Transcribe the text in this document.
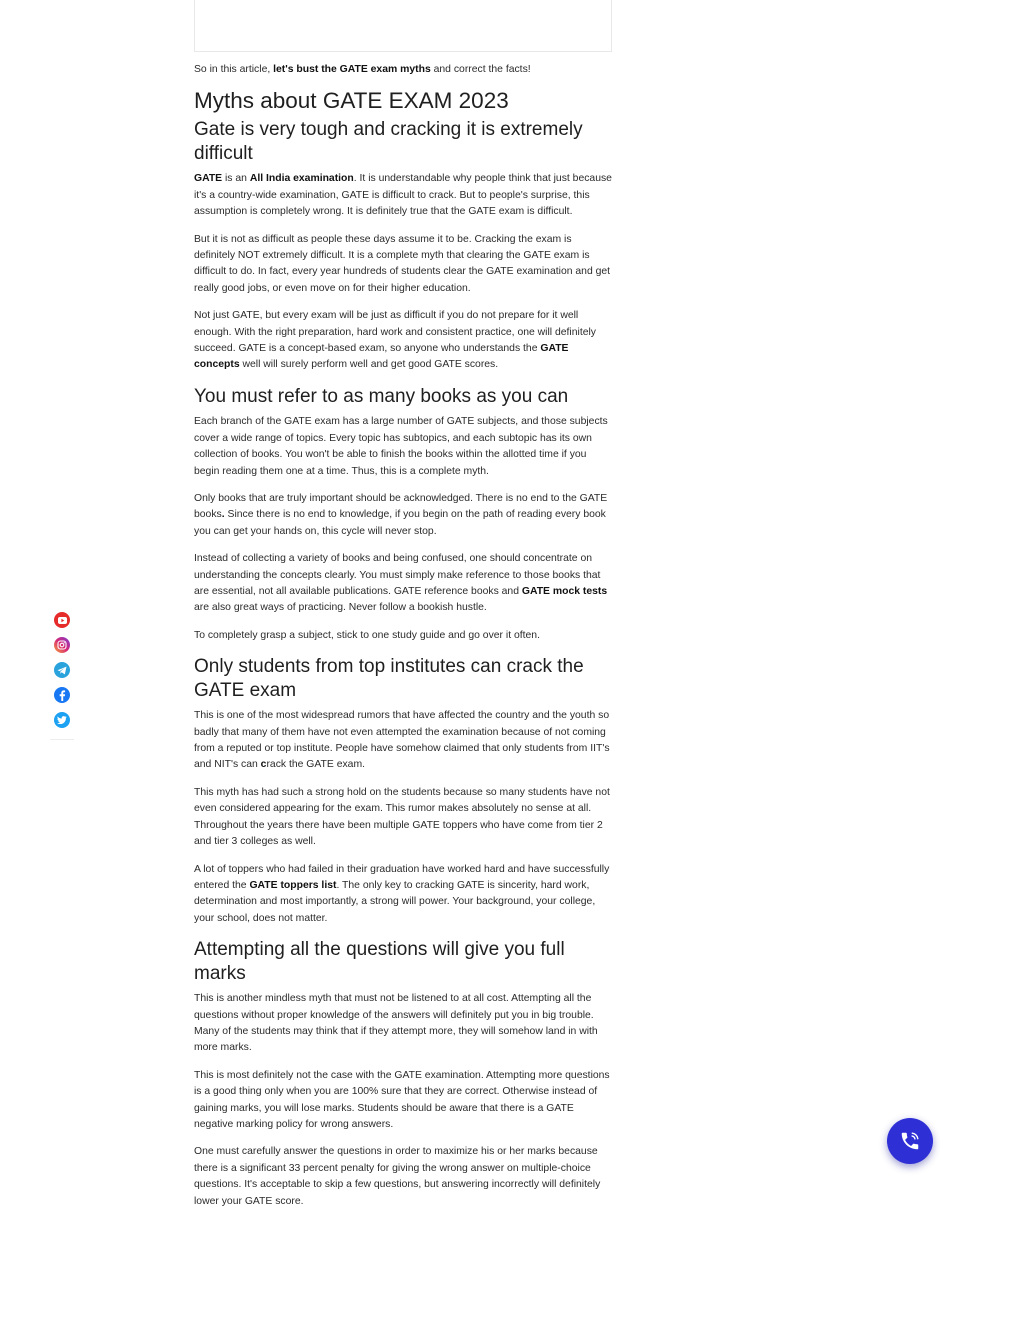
So in this article, let's bust the GATE exam myths and correct the facts!

Myths about GATE EXAM 2023
Gate is very tough and cracking it is extremely difficult

GATE is an All India examination. It is understandable why people think that just because it's a country-wide examination, GATE is difficult to crack. But to people's surprise, this assumption is completely wrong. It is definitely true that the GATE exam is difficult.

But it is not as difficult as people these days assume it to be. Cracking the exam is definitely NOT extremely difficult. It is a complete myth that clearing the GATE exam is difficult to do. In fact, every year hundreds of students clear the GATE examination and get really good jobs, or even move on for their higher education.

Not just GATE, but every exam will be just as difficult if you do not prepare for it well enough. With the right preparation, hard work and consistent practice, one will definitely succeed. GATE is a concept-based exam, so anyone who understands the GATE concepts well will surely perform well and get good GATE scores.

You must refer to as many books as you can

Each branch of the GATE exam has a large number of GATE subjects, and those subjects cover a wide range of topics. Every topic has subtopics, and each subtopic has its own collection of books. You won't be able to finish the books within the allotted time if you begin reading them one at a time. Thus, this is a complete myth.

Only books that are truly important should be acknowledged. There is no end to the GATE books. Since there is no end to knowledge, if you begin on the path of reading every book you can get your hands on, this cycle will never stop.

Instead of collecting a variety of books and being confused, one should concentrate on understanding the concepts clearly. You must simply make reference to those books that are essential, not all available publications. GATE reference books and GATE mock tests are also great ways of practicing. Never follow a bookish hustle.

To completely grasp a subject, stick to one study guide and go over it often.

Only students from top institutes can crack the GATE exam

This is one of the most widespread rumors that have affected the country and the youth so badly that many of them have not even attempted the examination because of not coming from a reputed or top institute. People have somehow claimed that only students from IIT's and NIT's can crack the GATE exam.

This myth has had such a strong hold on the students because so many students have not even considered appearing for the exam. This rumor makes absolutely no sense at all. Throughout the years there have been multiple GATE toppers who have come from tier 2 and tier 3 colleges as well.

A lot of toppers who had failed in their graduation have worked hard and have successfully entered the GATE toppers list. The only key to cracking GATE is sincerity, hard work, determination and most importantly, a strong will power. Your background, your college, your school, does not matter.

Attempting all the questions will give you full marks

This is another mindless myth that must not be listened to at all cost. Attempting all the questions without proper knowledge of the answers will definitely put you in big trouble. Many of the students may think that if they attempt more, they will somehow land in with more marks.

This is most definitely not the case with the GATE examination. Attempting more questions is a good thing only when you are 100% sure that they are correct. Otherwise instead of gaining marks, you will lose marks. Students should be aware that there is a GATE negative marking policy for wrong answers.

One must carefully answer the questions in order to maximize his or her marks because there is a significant 33 percent penalty for giving the wrong answer on multiple-choice questions. It's acceptable to skip a few questions, but answering incorrectly will definitely lower your GATE score.
